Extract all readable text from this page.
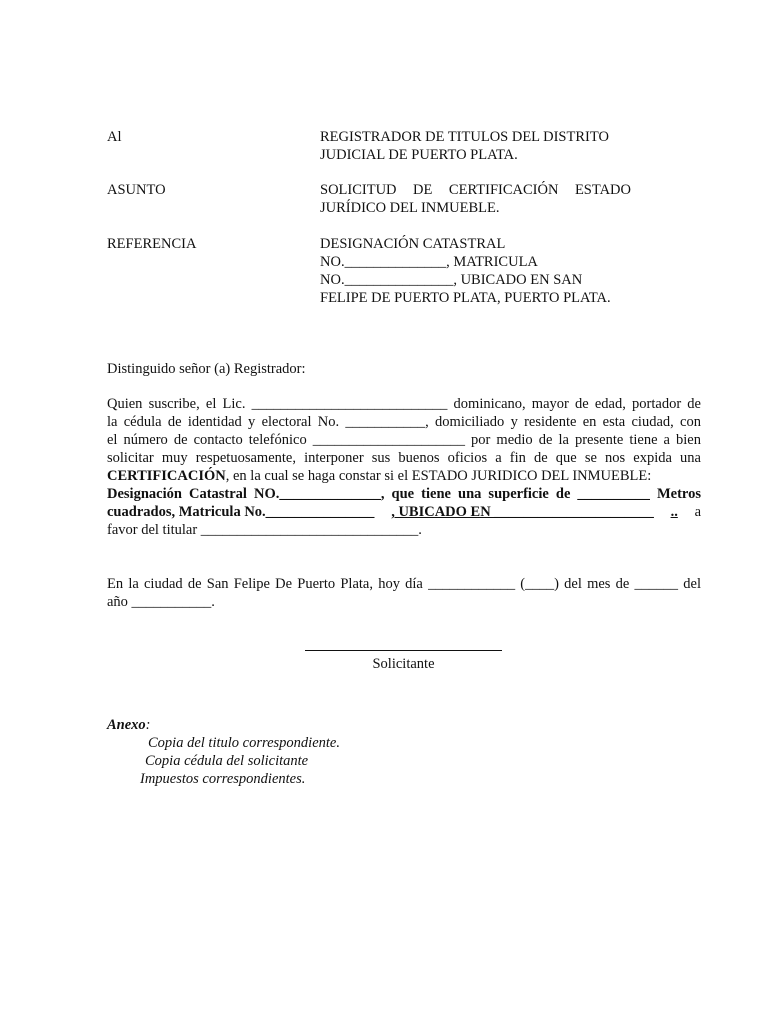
Al	REGISTRADOR DE TITULOS DEL DISTRITO
JUDICIAL DE PUERTO PLATA.
ASUNTO	SOLICITUD DE CERTIFICACIÓN ESTADO
JURÍDICO DEL INMUEBLE.
REFERENCIA	DESIGNACIÓN CATASTRAL
NO.______________, MATRICULA
NO._______________, UBICADO EN SAN
FELIPE DE PUERTO PLATA, PUERTO PLATA.
Distinguido señor (a) Registrador:
Quien suscribe, el Lic. ___________________________ dominicano, mayor de edad, portador de
la cédula de identidad y electoral No. ___________, domiciliado y residente en esta ciudad, con
el número de contacto telefónico _____________________ por medio de la presente tiene a bien
solicitar muy respetuosamente, interponer sus buenos oficios a fin de que se nos expida una
CERTIFICACIÓN, en la cual se haga constar si el ESTADO JURIDICO DEL INMUEBLE:
Designación Catastral NO.______________, que tiene una superficie de __________ Metros
cuadrados, Matricula No._______________ , UBICADO EN ______________________ .. a
favor del titular ______________________________.
En la ciudad de San Felipe De Puerto Plata, hoy día ____________ (____) del mes de ______ del
año ___________.
Solicitante
Anexo:
Copia del titulo correspondiente.
Copia cédula del solicitante
Impuestos correspondientes.
